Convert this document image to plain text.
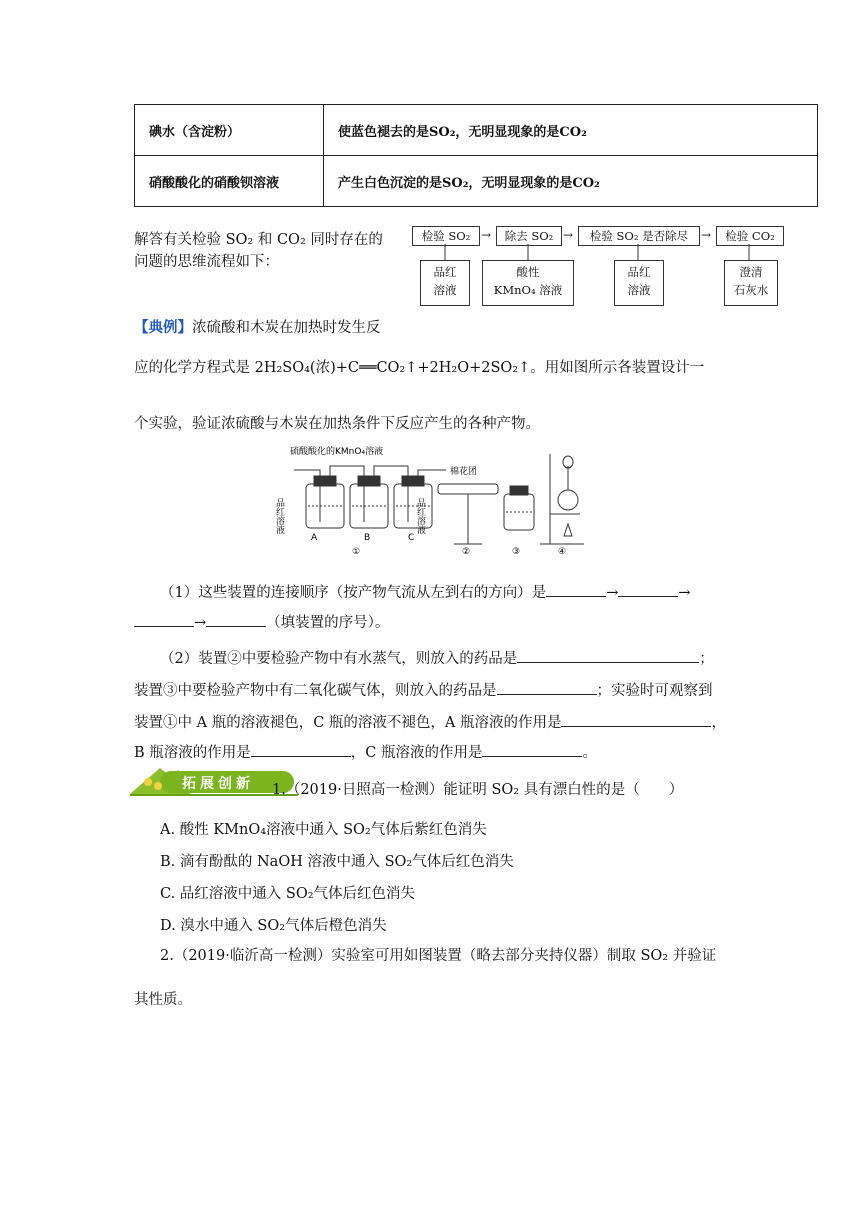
碘水（含淀粉）	使蓝色褪去的是SO₂，无明显现象的是CO₂
硝酸酸化的硝酸钡溶液	产生白色沉淀的是SO₂，无明显现象的是CO₂
解答有关检验 SO₂ 和 CO₂ 同时存在的
问题的思维流程如下：
检验 SO₂ →	除去 SO₂ →	检验 SO₂ 是否除尽	→	检验 CO₂
品红
溶液
酸性
KMnO₄ 溶液
品红
溶液
澄清
石灰水
【典例】浓硫酸和木炭在加热时发生反
应的化学方程式是 2H₂SO₄(浓)+C══CO₂↑+2H₂O+2SO₂↑。用如图所示各装置设计一
个实验，验证浓硫酸与木炭在加热条件下反应产生的各种产物。
硫酸酸化的KMnO₄溶液
品红溶液	品红溶液
A	B	C
棉花团
①	②	③	④
（1）这些装置的连接顺序（按产物气流从左到右的方向）是	→	→
→	（填装置的序号）。
（2）装置②中要检验产物中有水蒸气，则放入的药品是	；
装置③中要检验产物中有二氧化碳气体，则放入的药品是	；实验时可观察到
装置①中 A 瓶的溶液褪色，C 瓶的溶液不褪色，A 瓶溶液的作用是	，
B 瓶溶液的作用是	，C 瓶溶液的作用是	。
拓展创新 1.（2019·日照高一检测）能证明 SO₂ 具有漂白性的是（　　）
A. 酸性 KMnO₄溶液中通入 SO₂气体后紫红色消失
B. 滴有酚酞的 NaOH 溶液中通入 SO₂气体后红色消失
C. 品红溶液中通入 SO₂气体后红色消失
D. 溴水中通入 SO₂气体后橙色消失
2.（2019·临沂高一检测）实验室可用如图装置（略去部分夹持仪器）制取 SO₂ 并验证
其性质。
